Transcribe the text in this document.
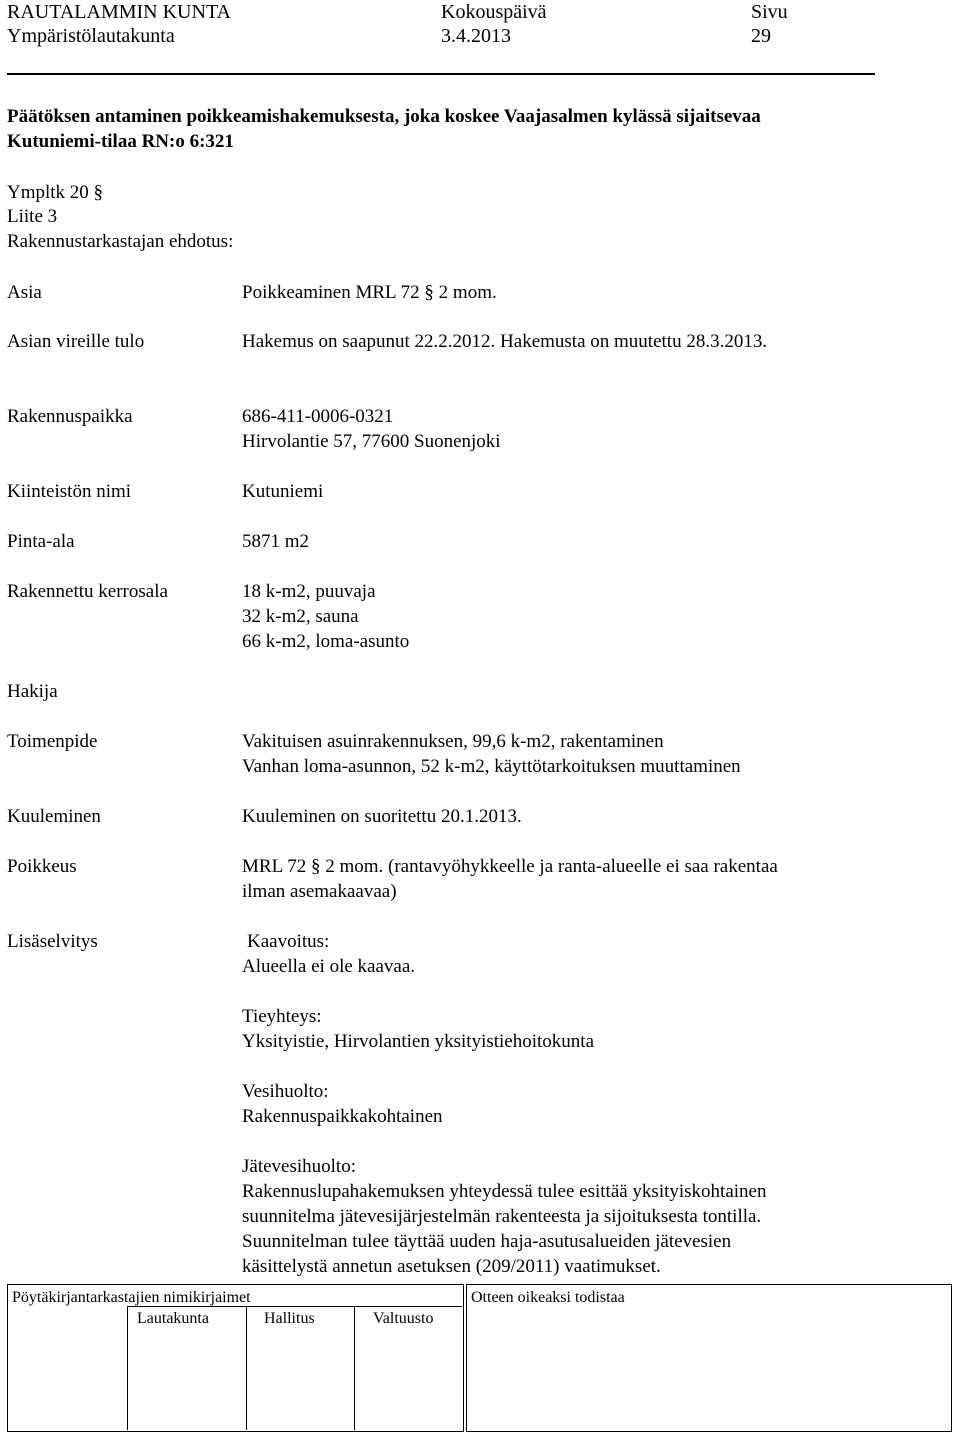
RAUTALAMMIN KUNTA
Ympäristölautakunta
Kokouspäivä
3.4.2013
Sivu
29
Päätöksen antaminen poikkeamishakemuksesta, joka koskee Vaajasalmen kylässä sijaitsevaa
Kutuniemi-tilaa RN:o 6:321
Ympltk 20 §
Liite 3
Rakennustarkastajan ehdotus:
Asia	Poikkeaminen MRL 72 § 2 mom.
Asian vireille tulo	Hakemus on saapunut 22.2.2012. Hakemusta on muutettu 28.3.2013.
Rakennuspaikka	686-411-0006-0321
Hirvolantie 57, 77600 Suonenjoki
Kiinteistön nimi	Kutuniemi
Pinta-ala	5871 m2
Rakennettu kerrosala	18 k-m2, puuvaja
32 k-m2, sauna
66 k-m2, loma-asunto
Hakija
Toimenpide	Vakituisen asuinrakennuksen, 99,6 k-m2, rakentaminen
Vanhan loma-asunnon, 52 k-m2, käyttötarkoituksen muuttaminen
Kuuleminen	Kuuleminen on suoritettu 20.1.2013.
Poikkeus	MRL 72 § 2 mom. (rantavyöhykkeelle ja ranta-alueelle ei saa rakentaa
ilman asemakaavaa)
Lisäselvitys	Kaavoitus:
Alueella ei ole kaavaa.
Tieyhteys:
Yksityistie, Hirvolantien yksityistiehoitokunta
Vesihuolto:
Rakennuspaikkakohtainen
Jätevesihuolto:
Rakennuslupahakemuksen yhteydessä tulee esittää yksityiskohtainen
suunnitelma jätevesijärjestelmän rakenteesta ja sijoituksesta tontilla.
Suunnitelman tulee täyttää uuden haja-asutusalueiden jätevesien
käsittelystä annetun asetuksen (209/2011) vaatimukset.
Pöytäkirjantarkastajien nimikirjaimet
Lautakunta	Hallitus	Valtuusto
Otteen oikeaksi todistaa
